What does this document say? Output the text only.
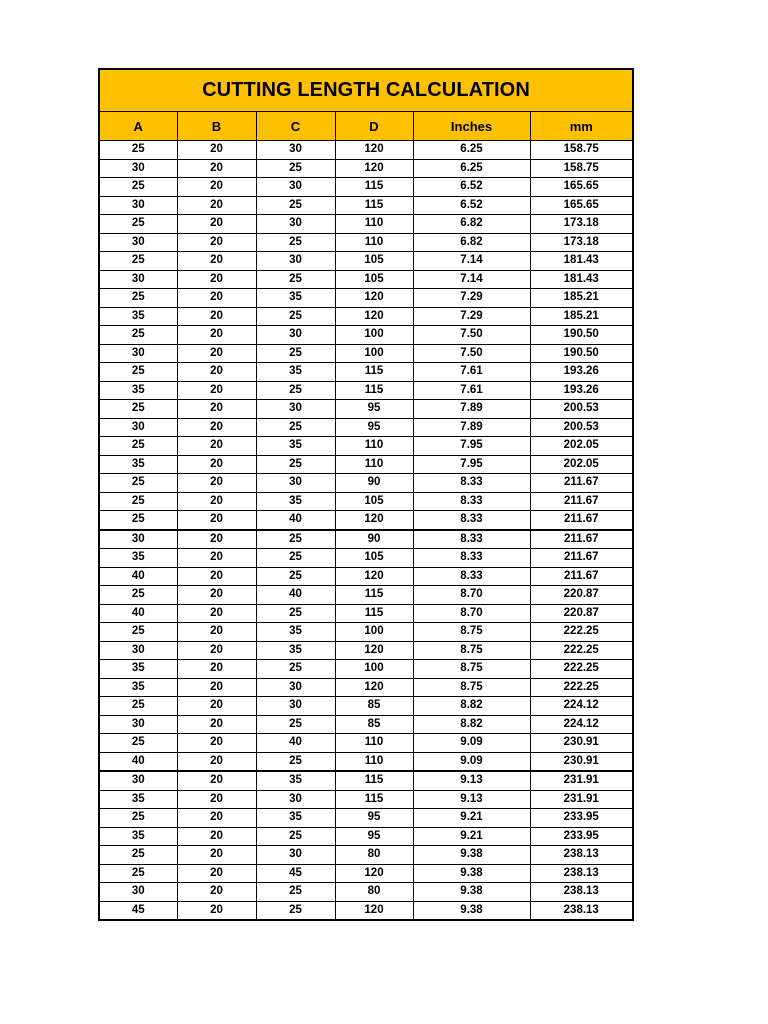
CUTTING LENGTH CALCULATION
A	B	C	D	Inches	mm
25	20	30	120	6.25	158.75
30	20	25	120	6.25	158.75
25	20	30	115	6.52	165.65
30	20	25	115	6.52	165.65
25	20	30	110	6.82	173.18
30	20	25	110	6.82	173.18
25	20	30	105	7.14	181.43
30	20	25	105	7.14	181.43
25	20	35	120	7.29	185.21
35	20	25	120	7.29	185.21
25	20	30	100	7.50	190.50
30	20	25	100	7.50	190.50
25	20	35	115	7.61	193.26
35	20	25	115	7.61	193.26
25	20	30	95	7.89	200.53
30	20	25	95	7.89	200.53
25	20	35	110	7.95	202.05
35	20	25	110	7.95	202.05
25	20	30	90	8.33	211.67
25	20	35	105	8.33	211.67
25	20	40	120	8.33	211.67
30	20	25	90	8.33	211.67
35	20	25	105	8.33	211.67
40	20	25	120	8.33	211.67
25	20	40	115	8.70	220.87
40	20	25	115	8.70	220.87
25	20	35	100	8.75	222.25
30	20	35	120	8.75	222.25
35	20	25	100	8.75	222.25
35	20	30	120	8.75	222.25
25	20	30	85	8.82	224.12
30	20	25	85	8.82	224.12
25	20	40	110	9.09	230.91
40	20	25	110	9.09	230.91
30	20	35	115	9.13	231.91
35	20	30	115	9.13	231.91
25	20	35	95	9.21	233.95
35	20	25	95	9.21	233.95
25	20	30	80	9.38	238.13
25	20	45	120	9.38	238.13
30	20	25	80	9.38	238.13
45	20	25	120	9.38	238.13
